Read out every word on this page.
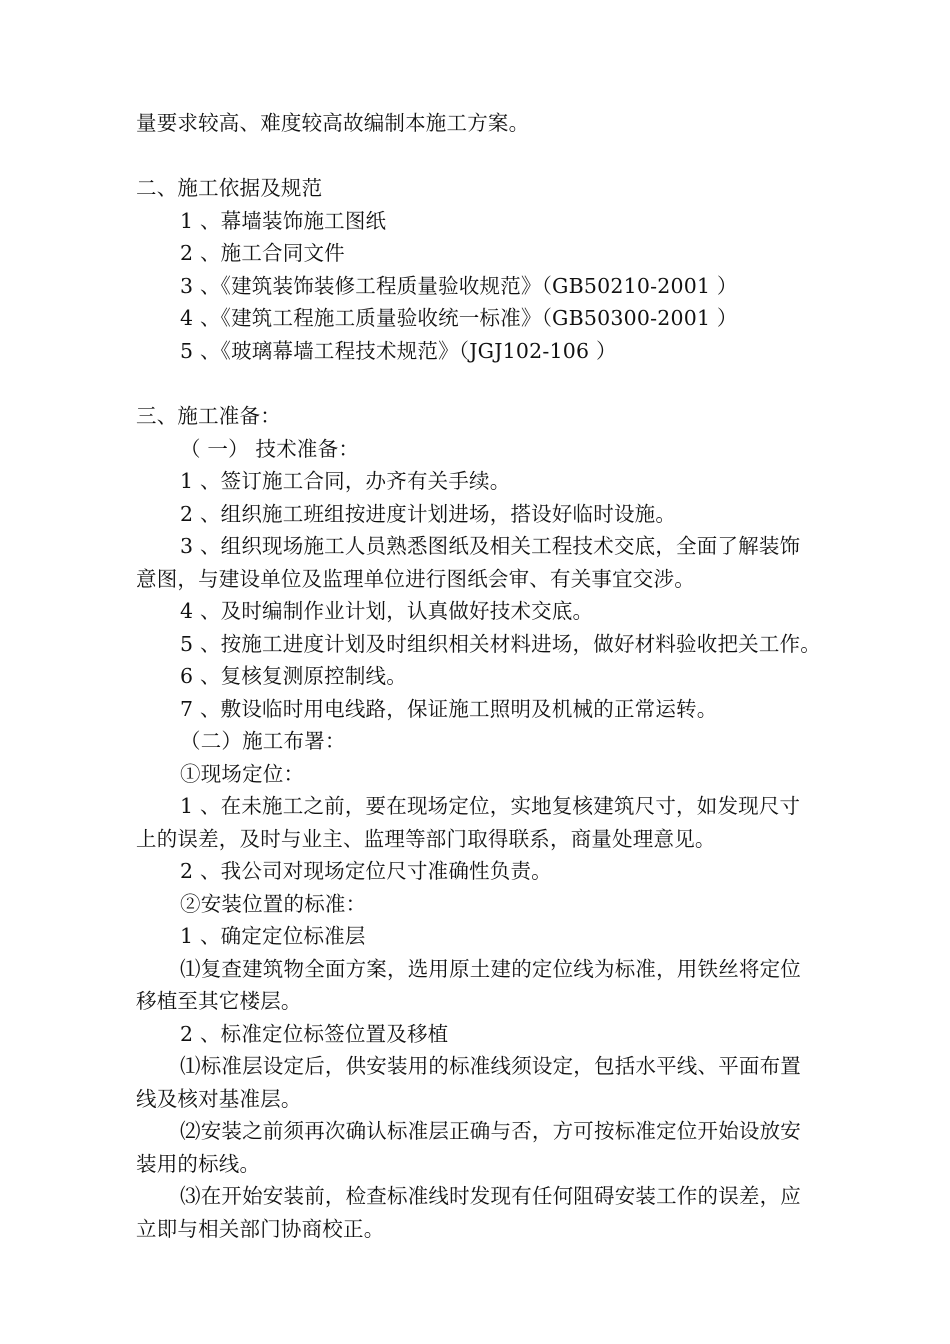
量要求较高、难度较高故编制本施工方案。

二、施工依据及规范

1 、幕墙装饰施工图纸

2 、施工合同文件

3 、《建筑装饰装修工程质量验收规范》（GB50210-2001 ）

4 、《建筑工程施工质量验收统一标准》（GB50300-2001 ）

5 、《玻璃幕墙工程技术规范》（JGJ102-106 ）

三、施工准备：

（ 一） 技术准备：

1 、签订施工合同，办齐有关手续。

2 、组织施工班组按进度计划进场，搭设好临时设施。

3 、组织现场施工人员熟悉图纸及相关工程技术交底，全面了解装饰

意图，与建设单位及监理单位进行图纸会审、有关事宜交涉。

4 、及时编制作业计划，认真做好技术交底。

5 、按施工进度计划及时组织相关材料进场，做好材料验收把关工作。

6 、复核复测原控制线。

7 、敷设临时用电线路，保证施工照明及机械的正常运转。

（二）施工布署：

①现场定位：

1 、在未施工之前，要在现场定位，实地复核建筑尺寸，如发现尺寸

上的误差，及时与业主、监理等部门取得联系，商量处理意见。

2 、我公司对现场定位尺寸准确性负责。

②安装位置的标准：

1 、确定定位标准层

⑴复查建筑物全面方案，选用原土建的定位线为标准，用铁丝将定位

移植至其它楼层。

2 、标准定位标签位置及移植

⑴标准层设定后，供安装用的标准线须设定，包括水平线、平面布置

线及核对基准层。

⑵安装之前须再次确认标准层正确与否，方可按标准定位开始设放安

装用的标线。

⑶在开始安装前，检查标准线时发现有任何阻碍安装工作的误差，应

立即与相关部门协商校正。
